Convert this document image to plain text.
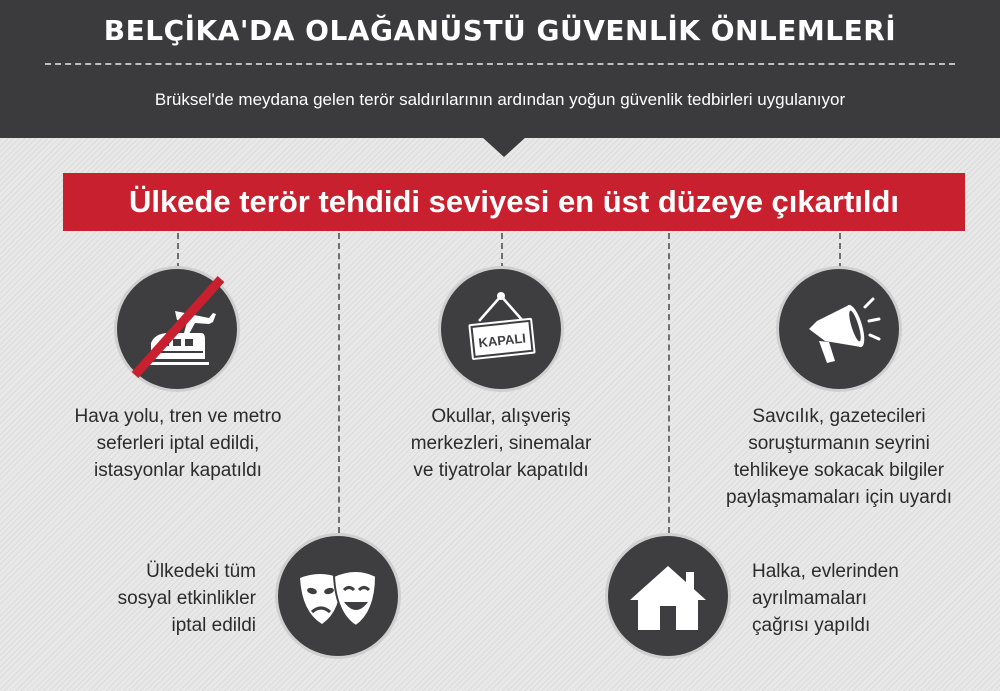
BELÇİKA'DA OLAĞANÜSTÜ GÜVENLİK ÖNLEMLERİ
Brüksel'de meydana gelen terör saldırılarının ardından yoğun güvenlik tedbirleri uygulanıyor
Ülkede terör tehdidi seviyesi en üst düzeye çıkartıldı
Hava yolu, tren ve metro
seferleri iptal edildi,
istasyonlar kapatıldı
KAPALI
Okullar, alışveriş
merkezleri, sinemalar
ve tiyatrolar kapatıldı
Savcılık, gazetecileri
soruşturmanın seyrini
tehlikeye sokacak bilgiler
paylaşmamaları için uyardı
Ülkedeki tüm
sosyal etkinlikler
iptal edildi
Halka, evlerinden
ayrılmamaları
çağrısı yapıldı
